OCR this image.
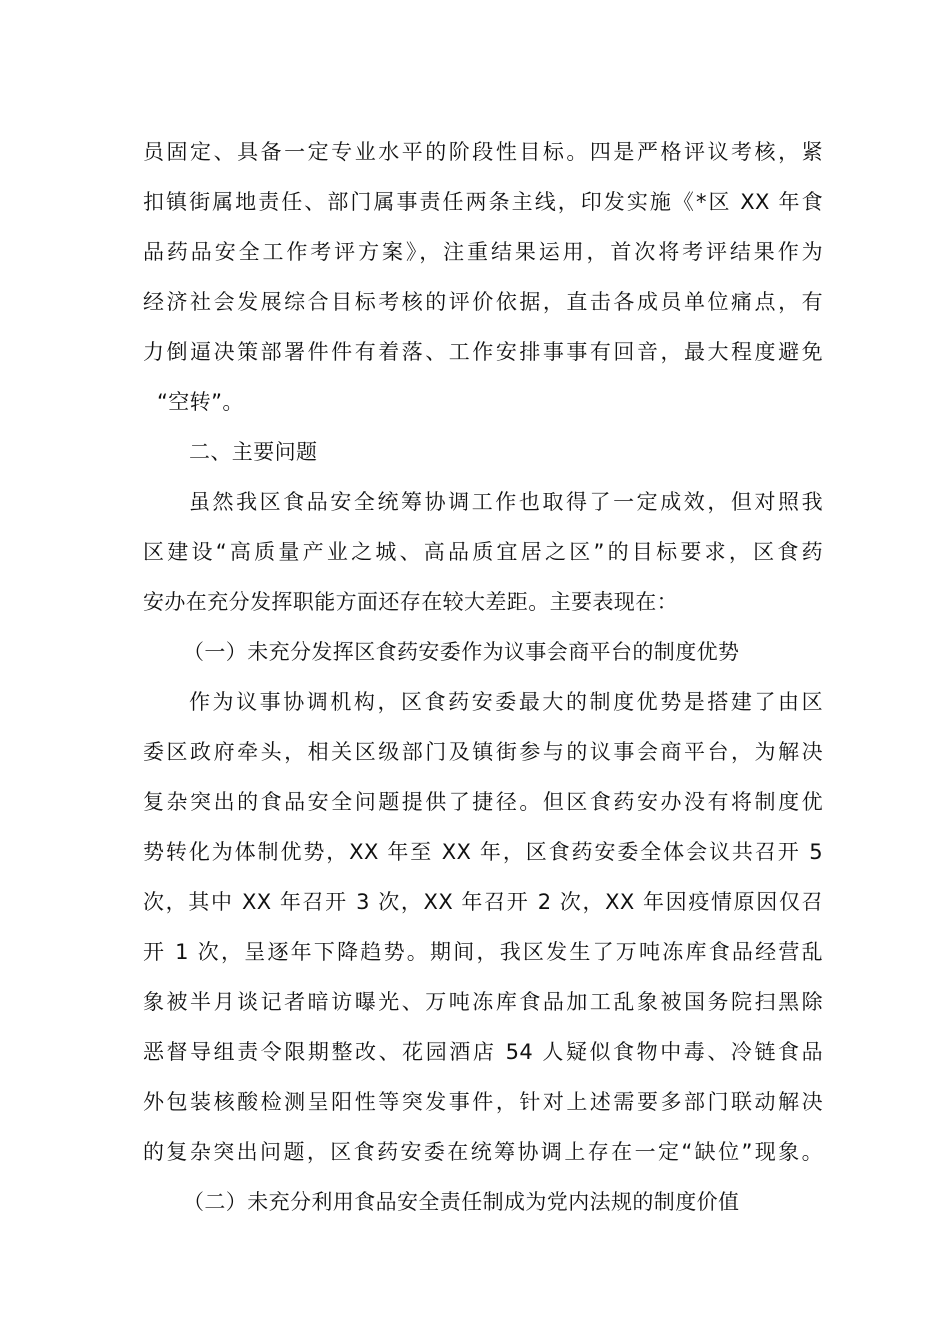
员固定、具备一定专业水平的阶段性目标。四是严格评议考核，紧
扣镇街属地责任、部门属事责任两条主线，印发实施《*区 XX 年食
品药品安全工作考评方案》，注重结果运用，首次将考评结果作为
经济社会发展综合目标考核的评价依据，直击各成员单位痛点，有
力倒逼决策部署件件有着落、工作安排事事有回音，最大程度避免
“空转”。
二、主要问题
虽然我区食品安全统筹协调工作也取得了一定成效，但对照我
区建设“高质量产业之城、高品质宜居之区”的目标要求，区食药
安办在充分发挥职能方面还存在较大差距。主要表现在：
（一）未充分发挥区食药安委作为议事会商平台的制度优势
作为议事协调机构，区食药安委最大的制度优势是搭建了由区
委区政府牵头，相关区级部门及镇街参与的议事会商平台，为解决
复杂突出的食品安全问题提供了捷径。但区食药安办没有将制度优
势转化为体制优势，XX 年至 XX 年，区食药安委全体会议共召开 5
次，其中 XX 年召开 3 次，XX 年召开 2 次，XX 年因疫情原因仅召
开 1 次，呈逐年下降趋势。期间，我区发生了万吨冻库食品经营乱
象被半月谈记者暗访曝光、万吨冻库食品加工乱象被国务院扫黑除
恶督导组责令限期整改、花园酒店 54 人疑似食物中毒、冷链食品
外包装核酸检测呈阳性等突发事件，针对上述需要多部门联动解决
的复杂突出问题，区食药安委在统筹协调上存在一定“缺位”现象。
（二）未充分利用食品安全责任制成为党内法规的制度价值
